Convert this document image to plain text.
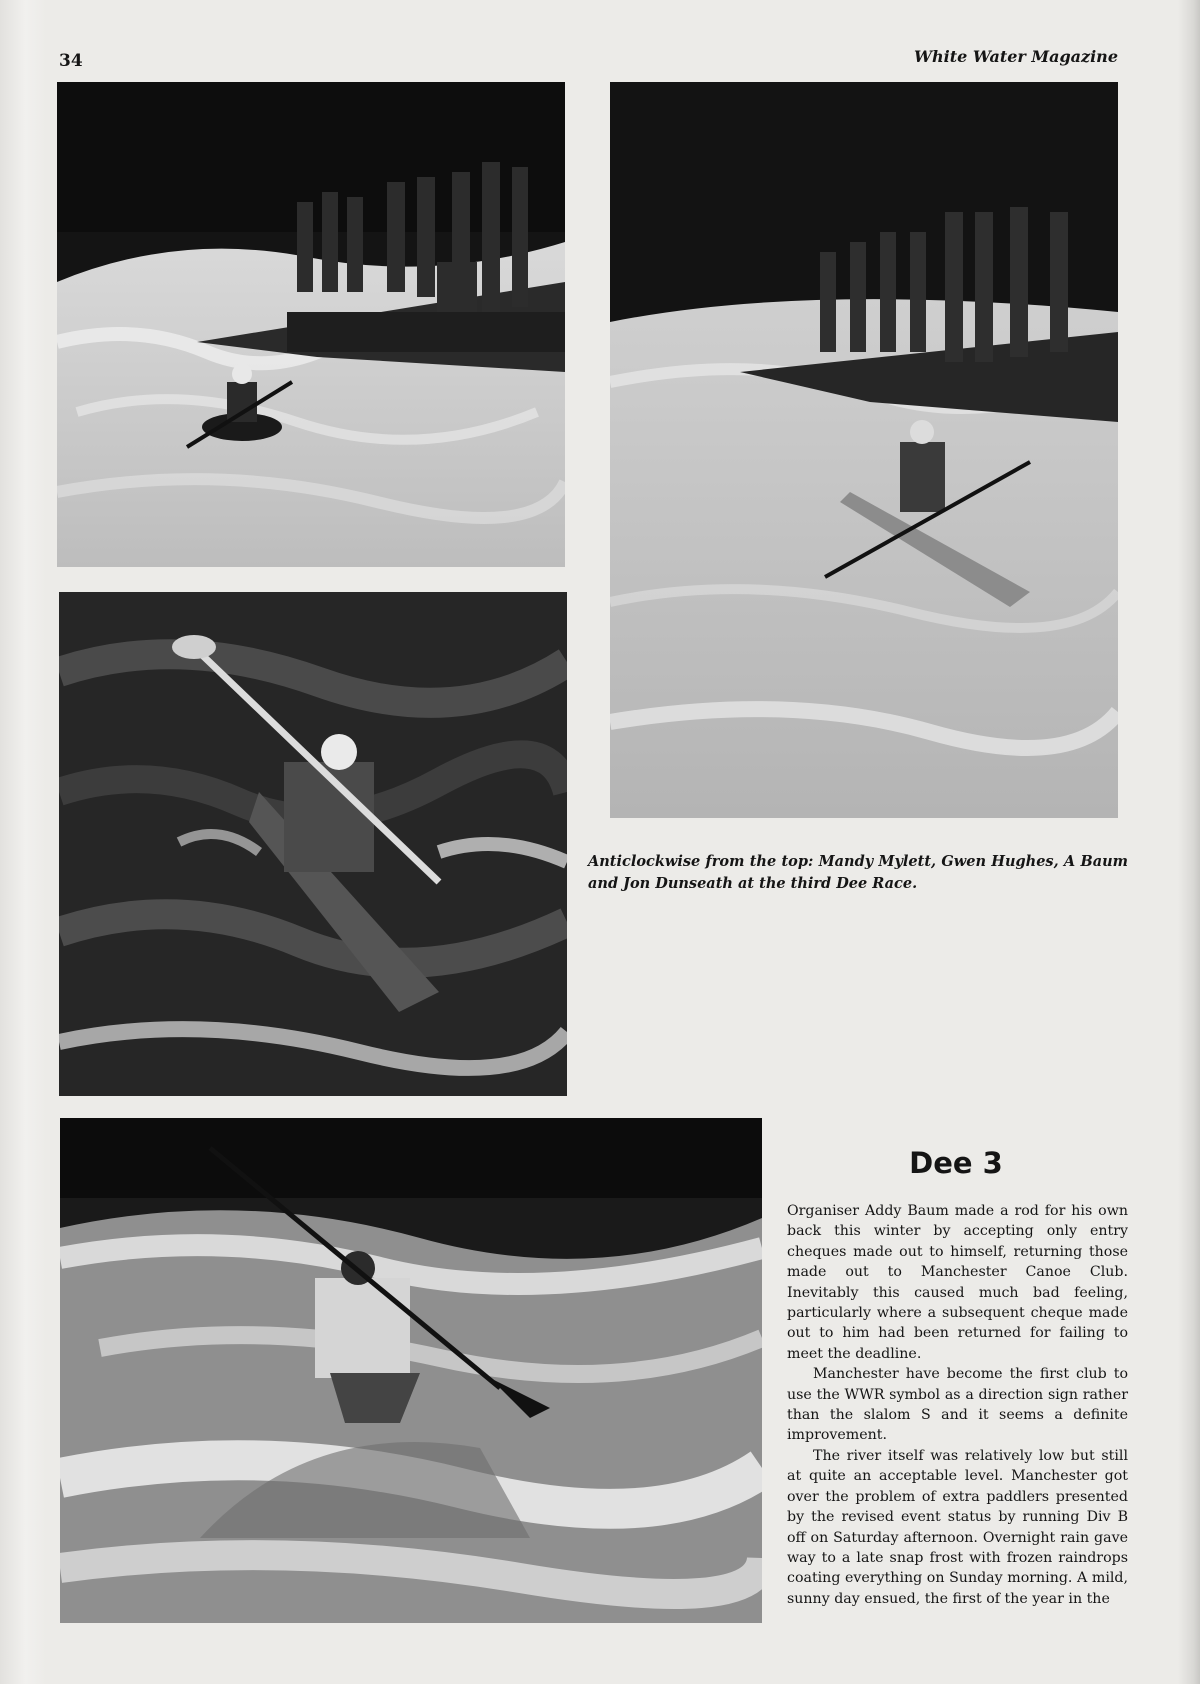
34	White Water Magazine
Anticlockwise from the top: Mandy Mylett, Gwen Hughes, A Baum and Jon Dunseath at the third Dee Race.
Dee 3

Organiser Addy Baum made a rod for his own back this winter by accepting only entry cheques made out to himself, returning those made out to Manchester Canoe Club. Inevitably this caused much bad feeling, particularly where a subsequent cheque made out to him had been returned for failing to meet the deadline.

Manchester have become the first club to use the WWR symbol as a direction sign rather than the slalom S and it seems a definite improvement.

The river itself was relatively low but still at quite an acceptable level. Manchester got over the problem of extra paddlers presented by the revised event status by running Div B off on Saturday afternoon. Overnight rain gave way to a late snap frost with frozen raindrops coating everything on Sunday morning. A mild, sunny day ensued, the first of the year in the
